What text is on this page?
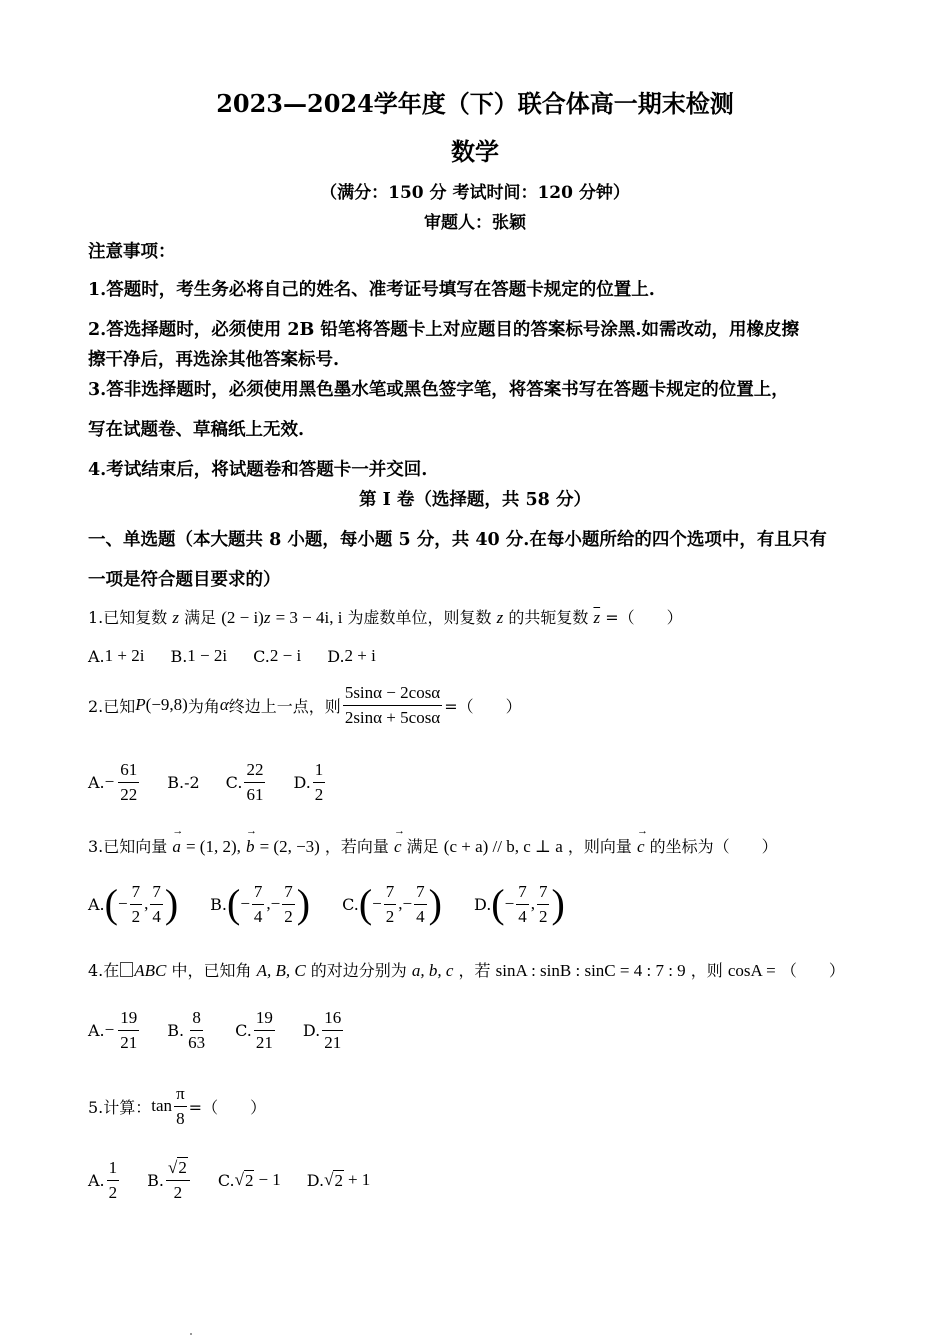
2023—2024学年度（下）联合体高一期末检测
数学
（满分：150 分 考试时间：120 分钟）
审题人：张颖
注意事项：
1.答题时，考生务必将自己的姓名、准考证号填写在答题卡规定的位置上.
2.答选择题时，必须使用 2B 铅笔将答题卡上对应题目的答案标号涂黑.如需改动，用橡皮擦
擦干净后，再选涂其他答案标号.
3.答非选择题时，必须使用黑色墨水笔或黑色签字笔，将答案书写在答题卡规定的位置上，
写在试题卷、草稿纸上无效.
4.考试结束后，将试题卷和答题卡一并交回.
第 I 卷（选择题，共 58 分）
一、单选题（本大题共 8 小题，每小题 5 分，共 40 分.在每小题所给的四个选项中，有且只有
一项是符合题目要求的）
1.已知复数 z 满足 (2 − i)z = 3 − 4i, i 为虚数单位，则复数 z 的共轭复数 $\overline{z}$ =（　　）
A. 1 + 2i B. 1 − 2i C. 2 − i D. 2 + i
2.已知 P (−9,8) 为角 α 终边上一点，则 $\frac{5\sin\alpha - 2\cos\alpha}{2\sin\alpha + 5\cos\alpha}$ =（　　）
A. − $\frac{61}{22} B.-2$ C. $\frac{22}{61} D$. $\frac{1}{2}$
3.已知向量 → a = (1, 2), → b = (2, −3) ，若向量 → c 满足 (c + a) // b, c ⊥ a ，则向量 → c 的坐标为（　　）
A. ( − $\frac{7}{2}$ , $\frac{7}{4}$ ) B. ( − $\frac{7}{4}$ , − $\frac{7}{2}$ ) C. ( − $\frac{7}{2}$ , − $\frac{7}{4}$ ) D. ( − $\frac{7}{4}$ , $\frac{7}{2}$ )
4.在 ABC 中，已知角 A, B, C 的对边分别为 a, b, c ，若 sinA : sinB : sinC = 4 : 7 : 9 ，则 cosA = （　　）
A. − $\frac{19}{21} B$. $\frac{8}{63} C$. $\frac{19}{21} D$. $\frac{16}{21}$
5.计算： $\tan \frac{\pi}{8}$ =（　　）
A. $\frac{1}{2} B$. $\frac{√2}{2} C$. √ 2 − 1 D. √ 2 + 1
